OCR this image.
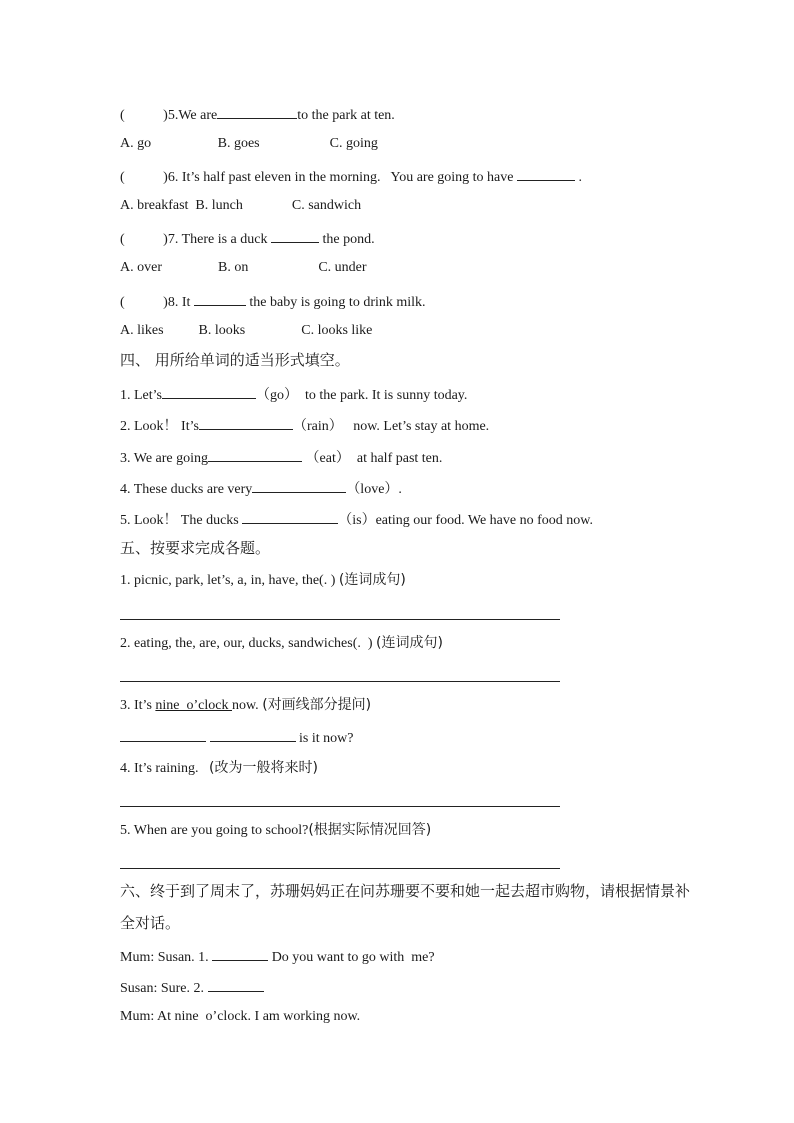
(           )5.We are	to the park at ten.
A. go                   B. goes                    C. going
(           )6. It’s half past eleven in the morning.   You are going to have	.
A. breakfast  B. lunch              C. sandwich
(           )7. There is a duck	the pond.
A. over                B. on                    C. under
(           )8. It	the baby is going to drink milk.
A. likes          B. looks                C. looks like
四、 用所给单词的适当形式填空。
1. Let’s	（go）  to the park. It is sunny today.
2. Look！ It’s	（rain）   now. Let’s stay at home.
3. We are going	（eat）  at half past ten.
4. These ducks are very	（love）.
5. Look！ The ducks	（is）eating our food. We have no food now.
五、按要求完成各题。
1. picnic, park, let’s, a, in, have, the(. ) (连词成句)
2. eating, the, are, our, ducks, sandwiches(.  ) (连词成句)
3. It’s nine  o’clock now. (对画线部分提问)
is it now?
4. It’s raining.   (改为一般将来时)
5. When are you going to school?(根据实际情况回答)
六、终于到了周末了，苏珊妈妈正在问苏珊要不要和她一起去超市购物，请根据情景补全对话。
Mum: Susan. 1.	Do you want to go with  me?
Susan: Sure. 2.
Mum: At nine  o’clock. I am working now.
